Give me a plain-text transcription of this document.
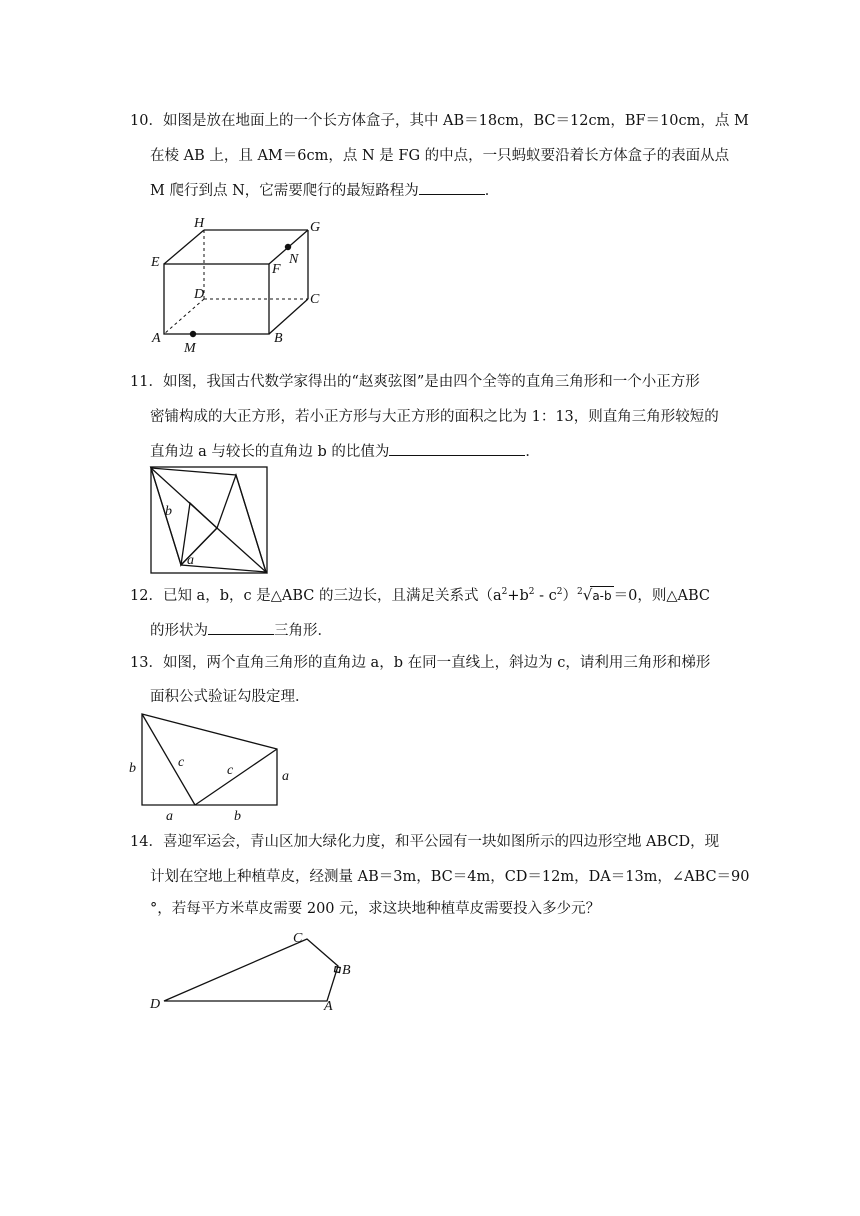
10．如图是放在地面上的一个长方体盒子，其中 AB＝18cm，BC＝12cm，BF＝10cm，点 M
在棱 AB 上，且 AM＝6cm，点 N 是 FG 的中点，一只蚂蚁要沿着长方体盒子的表面从点
M 爬行到点 N，它需要爬行的最短路程为	．
H	G
E	N
F
D	C
A	B
M
11．如图，我国古代数学家得出的“赵爽弦图”是由四个全等的直角三角形和一个小正方形
密铺构成的大正方形，若小正方形与大正方形的面积之比为 1：13，则直角三角形较短的
直角边 a 与较长的直角边 b 的比值为	．
b
a
12．已知 a，b，c 是△ABC 的三边长，且满足关系式$(a^2+b^2 - c^2)^2√a-b =0$，则△ABC
的形状为	三角形．
13．如图，两个直角三角形的直角边 a，b 在同一直线上，斜边为 c，请利用三角形和梯形
面积公式验证勾股定理．
b	c
c	a
a	b
14．喜迎军运会，青山区加大绿化力度，和平公园有一块如图所示的四边形空地 ABCD，现
计划在空地上种植草皮，经测量 AB＝3m，BC＝4m，CD＝12m，DA＝13m，∠ABC＝90
°，若每平方米草皮需要 200 元，求这块地种植草皮需要投入多少元？
C
B
D	A
